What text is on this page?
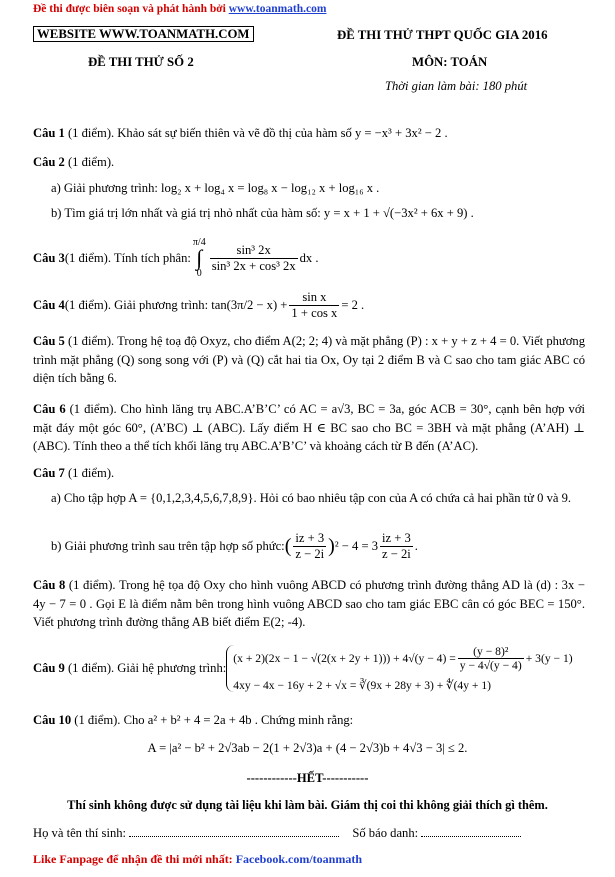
Đề thi được biên soạn và phát hành bởi www.toanmath.com
WEBSITE WWW.TOANMATH.COM	ĐỀ THI THỬ THPT QUỐC GIA 2016
ĐỀ THI THỬ SỐ 2	MÔN: TOÁN
Thời gian làm bài: 180 phút
Câu 1 (1 điểm). Khảo sát sự biến thiên và vẽ đồ thị của hàm số y = −x³ + 3x² − 2 .
Câu 2 (1 điểm).
a) Giải phương trình: log₂ x + log₄ x = log₈ x − log₁₂ x + log₁₆ x .
b) Tìm giá trị lớn nhất và giá trị nhỏ nhất của hàm số: y = x + 1 + √(−3x² + 6x + 9) .
Câu 3 (1 điểm). Tính tích phân:
π/4
∫
$0 \frac{\text{sin³ 2x}}{\text{sin³ 2x + cos³ 2x}}$ dx .
Câu 4 (1 điểm). Giải phương trình: $\tan(3\pi/2 - x) + \frac{\text{sin x}}{\text{1 + cos x}} = 2$ .
Câu 5 (1 điểm). Trong hệ toạ độ Oxyz, cho điểm A(2; 2; 4) và mặt phẳng (P) : x + y + z + 4 = 0. Viết phương trình mặt phẳng (Q) song song với (P) và (Q) cắt hai tia Ox, Oy tại 2 điểm B và C sao cho tam giác ABC có diện tích bằng 6.
Câu 6 (1 điểm). Cho hình lăng trụ ABC.A’B’C’ có AC = a√3, BC = 3a, góc ACB = 30°, cạnh bên hợp với mặt đáy một góc 60°, (A’BC) ⊥ (ABC). Lấy điểm H ∈ BC sao cho BC = 3BH và mặt phẳng (A’AH) ⊥ (ABC). Tính theo a thể tích khối lăng trụ ABC.A’B’C’ và khoảng cách từ B đến (A’AC).
Câu 7 (1 điểm).
a) Cho tập hợp A = {0,1,2,3,4,5,6,7,8,9}. Hỏi có bao nhiêu tập con của A có chứa cả hai phần tử 0 và 9.
b) Giải phương trình sau trên tập hợp số phức: ( $\frac{iz + 3}{z - 2i}$ ) $^2 - 4 = 3 \frac{iz + 3}{z - 2i}$ .
Câu 8 (1 điểm). Trong hệ tọa độ Oxy cho hình vuông ABCD có phương trình đường thẳng AD là (d) : 3x − 4y − 7 = 0 . Gọi E là điểm nằm bên trong hình vuông ABCD sao cho tam giác EBC cân có góc BEC = 150°. Viết phương trình đường thẳng AB biết điểm E(2; -4).
Câu 9 (1 điểm). Giải hệ phương trình:
$(x + 2)(2x - 1 - √(2(x + 2y + 1))) + 4√(y - 4) = \frac{\text{(y − 8)²}}{y - 4√(y - 4)} + 3(y - 1)$
4xy − 4x − 16y + 2 + √x = ∛(9x + 28y + 3) + ∜(4y + 1)
Câu 10 (1 điểm). Cho a² + b² + 4 = 2a + 4b . Chứng minh rằng:
A = |a² − b² + 2√3ab − 2(1 + 2√3)a + (4 − 2√3)b + 4√3 − 3| ≤ 2.
------------HẾT-----------
Thí sinh không được sử dụng tài liệu khi làm bài. Giám thị coi thi không giải thích gì thêm.
Họ và tên thí sinh:	Số báo danh:
Like Fanpage để nhận đề thi mới nhất: Facebook.com/toanmath
